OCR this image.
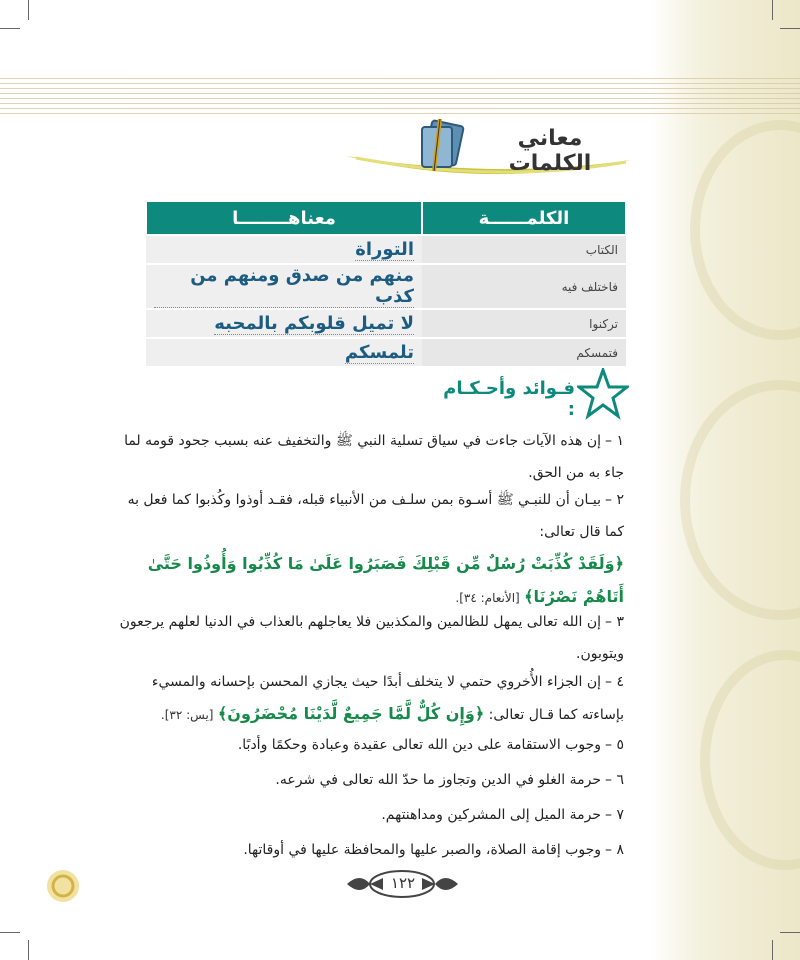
معاني الكلمات
الكلمــــــة	معناهــــــــا
الكتاب	التوراة
فاختلف فيه	منهم من صدق ومنهم من كذب
تركنوا	لا تميل قلوبكم بالمحبه
فتمسكم	تلمسكم
فـوائد وأحـكـام :
١ –إن هذه الآيات جاءت في سياق تسلية النبي ﷺ والتخفيف عنه بسبب جحود قومه لما جاء به من الحق.
٢ –بيـان أن للنبـي ﷺ أسـوة بمن سلـف من الأنبياء قبله، فقـد أوذوا وكُذبوا كما فعل به كما قال تعالى:
﴿وَلَقَدْ كُذِّبَتْ رُسُلٌ مِّن قَبْلِكَ فَصَبَرُوا عَلَىٰ مَا كُذِّبُوا وَأُوذُوا حَتَّىٰ أَتَاهُمْ نَصْرُنَا﴾ [الأنعام: ٣٤].
٣ –إن الله تعالى يمهل للظالمين والمكذبين فلا يعاجلهم بالعذاب في الدنيا لعلهم يرجعون ويتوبون.
٤ –إن الجزاء الأُخروي حتمي لا يتخلف أبدًا حيث يجازي المحسن بإحسانه والمسيء بإساءته كما قـال تعالى: ﴿وَإِن كُلٌّ لَّمَّا جَمِيعٌ لَّدَيْنَا مُحْضَرُونَ﴾ [يس: ٣٢].
٥ –وجوب الاستقامة على دين الله تعالى عقيدة وعبادة وحكمًا وأدبًا.
٦ –حرمة الغلو في الدين وتجاوز ما حدّ الله تعالى في شرعه.
٧ –حرمة الميل إلى المشركين ومداهنتهم.
٨ –وجوب إقامة الصلاة، والصبر عليها والمحافظة عليها في أوقاتها.
١٢٢
